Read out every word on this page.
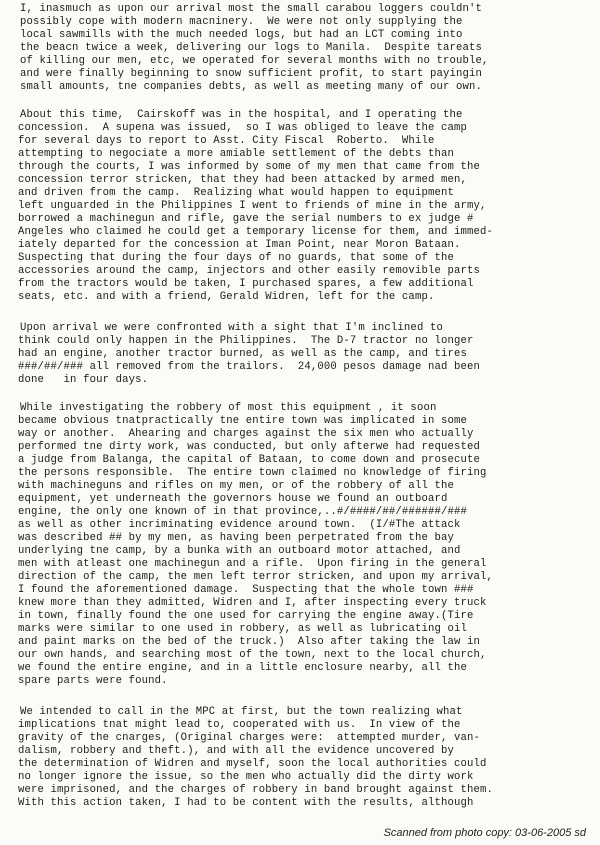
I, inasmuch as upon our arrival most the small carabou loggers couldn't
possibly cope with modern macninery.  We were not only supplying the
local sawmills with the much needed logs, but had an LCT coming into
the beacn twice a week, delivering our logs to Manila.  Despite tareats
of killing our men, etc, we operated for several months with no trouble,
and were finally beginning to snow sufficient profit, to start payingin
small amounts, tne companies debts, as well as meeting many of our own.
About this time,  Cairskoff was in the hospital, and I operating the
concession.  A supena was issued,  so I was obliged to leave the camp
for several days to report to Asst. City Fiscal  Roberto.  While
attempting to negociate a more amiable settlement of the debts than
through the courts, I was informed by some of my men that came from the
concession terror stricken, that they had been attacked by armed men,
and driven from the camp.  Realizing what would happen to equipment
left unguarded in the Philippines I went to friends of mine in the army,
borrowed a machinegun and rifle, gave the serial numbers to ex judge #
Angeles who claimed he could get a temporary license for them, and immed-
iately departed for the concession at Iman Point, near Moron Bataan.
Suspecting that during the four days of no guards, that some of the
accessories around the camp, injectors and other easily removible parts
from the tractors would be taken, I purchased spares, a few additional
seats, etc. and with a friend, Gerald Widren, left for the camp.
Upon arrival we were confronted with a sight that I'm inclined to
think could only happen in the Philippines.  The D-7 tractor no longer
had an engine, another tractor burned, as well as the camp, and tires
###/##/### all removed from the trailors.  24,000 pesos damage nad been
done   in four days.
While investigating the robbery of most this equipment , it soon
became obvious tnatpractically tne entire town was implicated in some
way or another.  Ahearing and charges against the six men who actually
performed tne dirty work, was conducted, but only afterwe had requested
a judge from Balanga, the capital of Bataan, to come down and prosecute
the persons responsible.  The entire town claimed no knowledge of firing
with machineguns and rifles on my men, or of the robbery of all the
equipment, yet underneath the governors house we found an outboard
engine, the only one known of in that province,..#/####/##/######/###
as well as other incriminating evidence around town.  (I/#The attack
was described ## by my men, as having been perpetrated from the bay
underlying tne camp, by a bunka with an outboard motor attached, and
men with atleast one machinegun and a rifle.  Upon firing in the general
direction of the camp, the men left terror stricken, and upon my arrival,
I found the aforementioned damage.  Suspecting that the whole town ###
knew more than they admitted, Widren and I, after inspecting every truck
in town, finally found the one used for carrying the engine away.(Tire
marks were similar to one used in robbery, as well as lubricating oil
and paint marks on the bed of the truck.)  Also after taking the law in
our own hands, and searching most of the town, next to the local church,
we found the entire engine, and in a little enclosure nearby, all the
spare parts were found.
We intended to call in the MPC at first, but the town realizing what
implications tnat might lead to, cooperated with us.  In view of the
gravity of the cnarges, (Original charges were:  attempted murder, van-
dalism, robbery and theft.), and with all the evidence uncovered by
the determination of Widren and myself, soon the local authorities could
no longer ignore the issue, so the men who actually did the dirty work
were imprisoned, and the charges of robbery in band brought against them.
With this action taken, I had to be content with the results, although
Scanned from photo copy: 03-06-2005 sd
